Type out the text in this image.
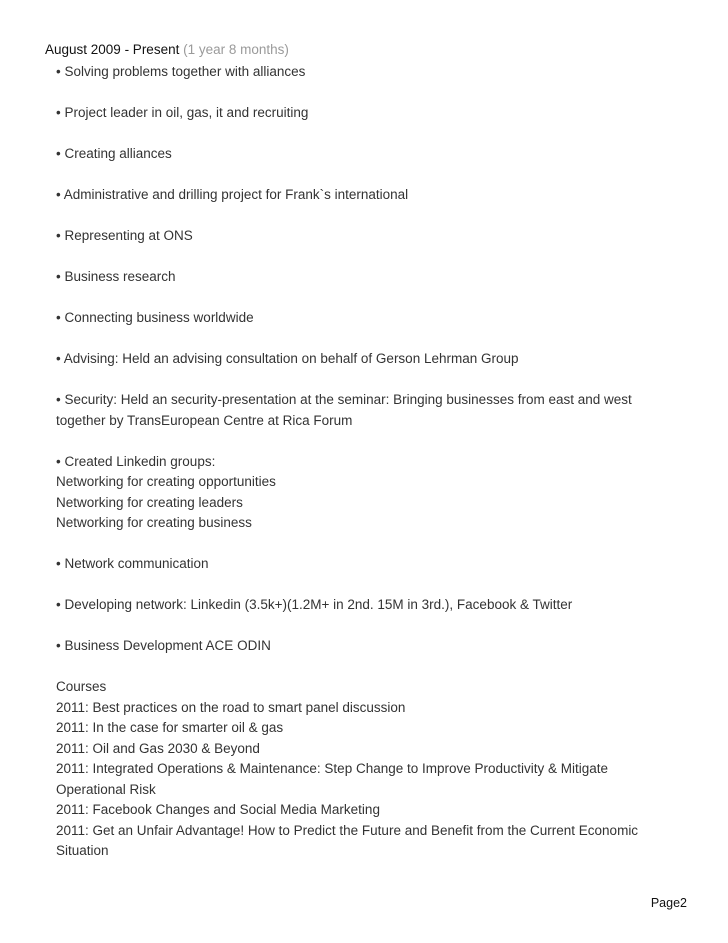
August 2009 - Present (1 year 8 months)
• Solving problems together with alliances
• Project leader in oil, gas, it and recruiting
• Creating alliances
• Administrative and drilling project for Frank`s international
• Representing at ONS
• Business research
• Connecting business worldwide
• Advising: Held an advising consultation on behalf of Gerson Lehrman Group
• Security: Held an security-presentation at the seminar: Bringing businesses from east and west
together by TransEuropean Centre at Rica Forum
• Created Linkedin groups:
Networking for creating opportunities
Networking for creating leaders
Networking for creating business
• Network communication
• Developing network: Linkedin (3.5k+)(1.2M+ in 2nd. 15M in 3rd.), Facebook & Twitter
• Business Development ACE ODIN
Courses
2011: Best practices on the road to smart panel discussion
2011: In the case for smarter oil & gas
2011: Oil and Gas 2030 & Beyond
2011: Integrated Operations & Maintenance: Step Change to Improve Productivity & Mitigate
Operational Risk
2011: Facebook Changes and Social Media Marketing
2011: Get an Unfair Advantage! How to Predict the Future and Benefit from the Current Economic
Situation
Page2
